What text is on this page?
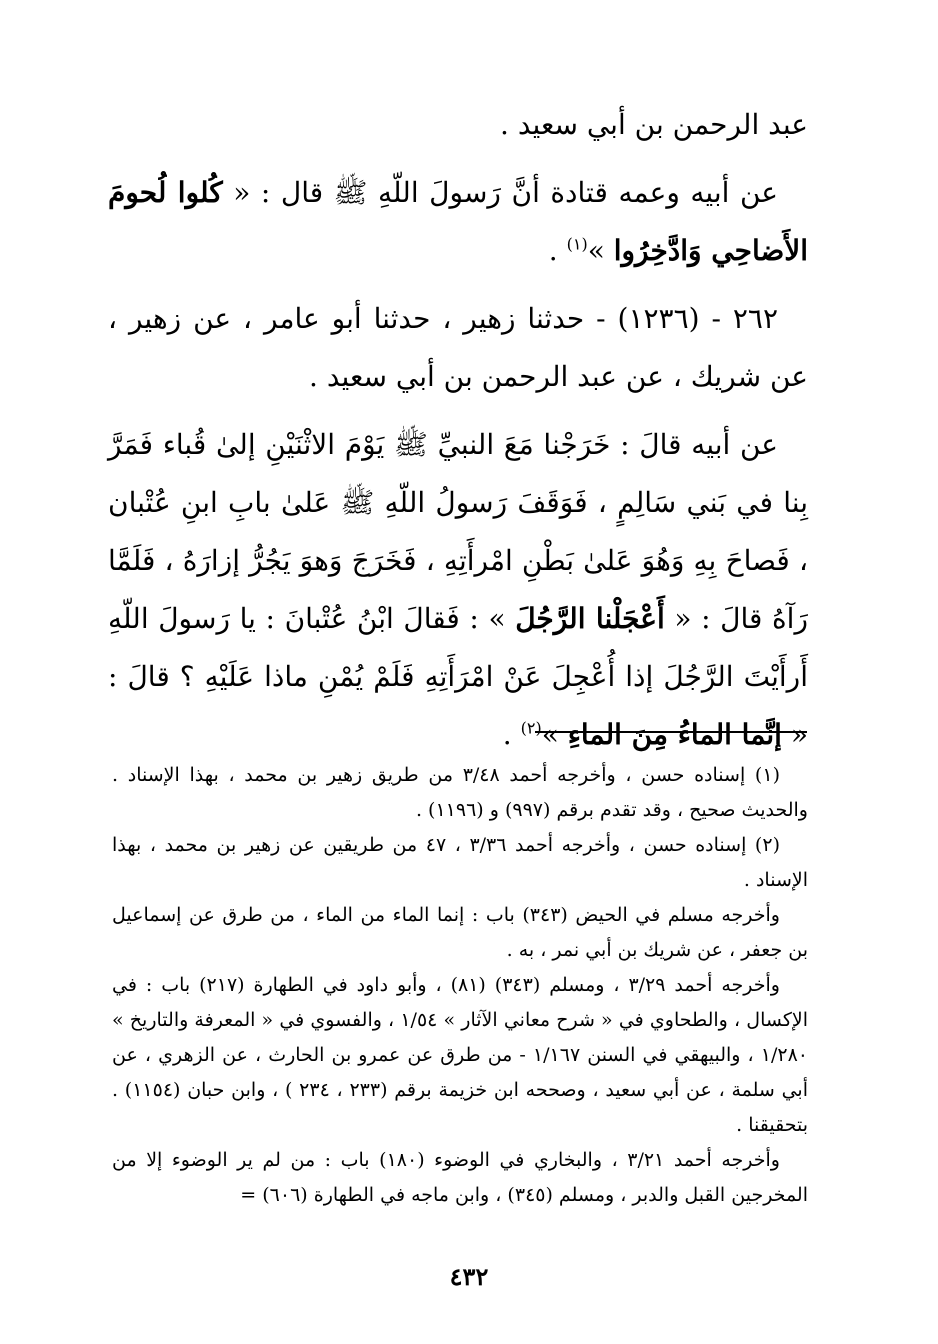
عبد الرحمن بن أبي سعيد .

عن أبيه وعمه قتادة أنَّ رَسولَ اللّهِ ﷺ قال : « كُلوا لُحومَ الأَضاحِي وَادَّخِرُوا »$^{(١)}$ .

٢٦٢ - (١٢٣٦) - حدثنا زهير ، حدثنا أبو عامر ، عن زهير ، عن شريك ، عن عبد الرحمن بن أبي سعيد .

عن أبيه قالَ : خَرَجْنا مَعَ النبيِّ ﷺ يَوْمَ الاثْنَيْنِ إلىٰ قُباء فَمَرَّ بِنا في بَني سَالِمٍ ، فَوَقَفَ رَسولُ اللّهِ ﷺ عَلىٰ بابِ ابنِ عُتْبان ، فَصاحَ بِهِ وَهُوَ عَلىٰ بَطْنِ امْرأَتِهِ ، فَخَرَجَ وَهوَ يَجُرُّ إزارَهُ ، فَلَمَّا رَآهُ قالَ : « أَعْجَلْنا الرَّجُلَ » : فَقالَ ابْنُ عُتْبانَ : يا رَسولَ اللّهِ أَرأَيْتَ الرَّجُلَ إذا أُعْجِلَ عَنْ امْرَأَتِهِ فَلَمْ يُمْنِ ماذا عَلَيْهِ ؟ قالَ : « إنَّما الماءُ مِنَ الماءِ »$^{(٢)}$ .

(١) إسناده حسن ، وأخرجه أحمد ٣/٤٨ من طريق زهير بن محمد ، بهذا الإسناد . والحديث صحيح ، وقد تقدم برقم (٩٩٧) و (١١٩٦) .

(٢) إسناده حسن ، وأخرجه أحمد ٣/٣٦ ، ٤٧ من طريقين عن زهير بن محمد ، بهذا الإسناد .

وأخرجه مسلم في الحيض (٣٤٣) باب : إنما الماء من الماء ، من طرق عن إسماعيل بن جعفر ، عن شريك بن أبي نمر ، به .

وأخرجه أحمد ٣/٢٩ ، ومسلم (٣٤٣) (٨١) ، وأبو داود في الطهارة (٢١٧) باب : في الإكسال ، والطحاوي في « شرح معاني الآثار » ١/٥٤ ، والفسوي في « المعرفة والتاريخ » ١/٢٨٠ ، والبيهقي في السنن ١/١٦٧ - من طرق عن عمرو بن الحارث ، عن الزهري ، عن أبي سلمة ، عن أبي سعيد ، وصححه ابن خزيمة برقم (٢٣٣ ، ٢٣٤ ) ، وابن حبان (١١٥٤) . بتحقيقنا .

وأخرجه أحمد ٣/٢١ ، والبخاري في الوضوء (١٨٠) باب : من لم ير الوضوء إلا من المخرجين القبل والدبر ، ومسلم (٣٤٥) ، وابن ماجه في الطهارة (٦٠٦) =

٤٣٢
